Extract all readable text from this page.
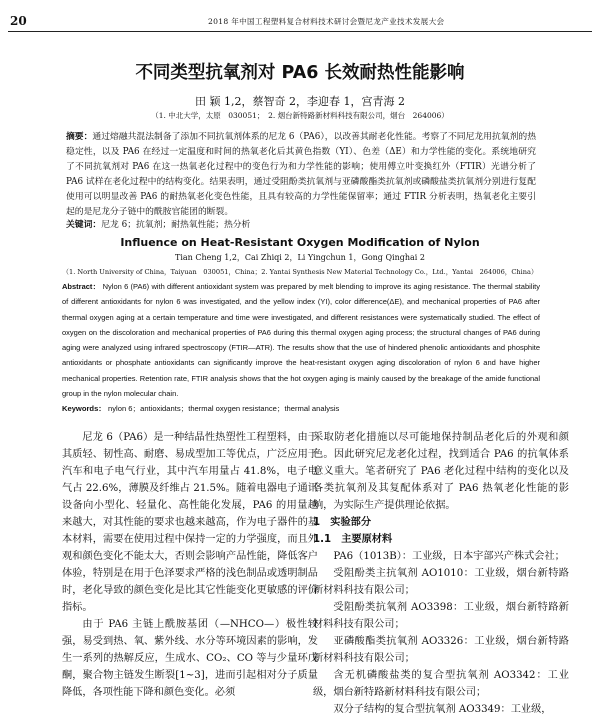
20	2018 年中国工程塑料复合材料技术研讨会暨尼龙产业技术发展大会
不同类型抗氧剂对 PA6 长效耐热性能影响
田 颖 1,2，蔡智奇 2，李迎春 1，宫青海 2
（1. 中北大学，太原　030051；　2. 烟台新特路新材料科技有限公司，烟台　264006）
摘要：通过熔融共混法制备了添加不同抗氧剂体系的尼龙 6（PA6），以改善其耐老化性能。考察了不同尼龙用抗氧剂的热稳定性，以及 PA6 在经过一定温度和时间的热氧老化后其黄色指数（YI）、色差（ΔE）和力学性能的变化。系统地研究了不同抗氧剂对 PA6 在这一热氧老化过程中的变色行为和力学性能的影响；使用傅立叶变换红外（FTIR）光谱分析了 PA6 试样在老化过程中的结构变化。结果表明，通过受阻酚类抗氧剂与亚磷酸酯类抗氧剂或磷酸盐类抗氧剂分别进行复配使用可以明显改善 PA6 的耐热氧老化变色性能，且具有较高的力学性能保留率；通过 FTIR 分析表明，热氧老化主要引起的是尼龙分子链中的酰胺官能团的断裂。
关键词：尼龙 6；抗氧剂；耐热氧性能；热分析
Influence on Heat-Resistant Oxygen Modification of Nylon
Tian Cheng 1,2，Cai Zhiqi 2，Li Yingchun 1，Gong Qinghai 2
（1. North University of China，Taiyuan　030051，China；2. Yantai Synthesis New Material Technology Co.，Ltd.，Yantai　264006，China）
Abstract： Nylon 6 (PA6) with different antioxidant system was prepared by melt blending to improve its aging resistance. The thermal stability of different antioxidants for nylon 6 was investigated, and the yellow index (YI), color difference(ΔE), and mechanical properties of PA6 after thermal oxygen aging at a certain temperature and time were investigated, and different resistances were systematically studied. The effect of oxygen on the discoloration and mechanical properties of PA6 during this thermal oxygen aging process; the structural changes of PA6 during aging were analyzed using infrared spectroscopy (FTIR—ATR). The results show that the use of hindered phenolic antioxidants and phosphite antioxidants or phosphate antioxidants can significantly improve the heat-resistant oxygen aging discoloration of nylon 6 and have higher mechanical properties. Retention rate, FTIR analysis shows that the hot oxygen aging is mainly caused by the breakage of the amide functional group in the nylon molecular chain.
Keywords： nylon 6；antioxidants；thermal oxygen resistance；thermal analysis

尼龙 6（PA6）是一种结晶性热塑性工程塑料，由于其质轻、韧性高、耐磨、易成型加工等优点，广泛应用于汽车和电子电气行业，其中汽车用量占 41.8%，电子电气占 22.6%，薄膜及纤维占 21.5%。随着电器电子通讯设备向小型化、轻量化、高性能化发展，PA6 的用量越来越大，对其性能的要求也越来越高，作为电子器件的基本材料，需要在使用过程中保持一定的力学强度，而且外观和颜色变化不能太大，否则会影响产品性能，降低客户体验，特别是在用于色泽要求严格的浅色制品或透明制品时，老化导致的颜色变化是比其它性能变化更敏感的评价指标。

由于 PA6 主链上酰胺基团（—NHCO—）极性较强，易受到热、氧、紫外线、水分等环境因素的影响，发生一系列的热解反应，生成水、CO₂、CO 等与少量环戊酮，聚合物主链发生断裂[1~3]，进而引起相对分子质量降低，各项性能下降和颜色变化。必须

采取防老化措施以尽可能地保持制品老化后的外观和颜色。因此研究尼龙老化过程，找到适合 PA6 的抗氧体系意义重大。笔者研究了 PA6 老化过程中结构的变化以及各类抗氧剂及其复配体系对了 PA6 热氧老化性能的影响，为实际生产提供理论依据。

1　实验部分

1.1　主要原材料

PA6（1013B）：工业级，日本宇部兴产株式会社；

受阻酚类主抗氧剂 AO1010：工业级，烟台新特路新材料科技有限公司；

受阻酚类抗氧剂 AO3398：工业级，烟台新特路新材料科技有限公司；

亚磷酸酯类抗氧剂 AO3326：工业级，烟台新特路新材料科技有限公司；

含无机磷酸盐类的复合型抗氧剂 AO3342：工业级，烟台新特路新材料科技有限公司；

双分子结构的复合型抗氧剂 AO3349：工业级，
